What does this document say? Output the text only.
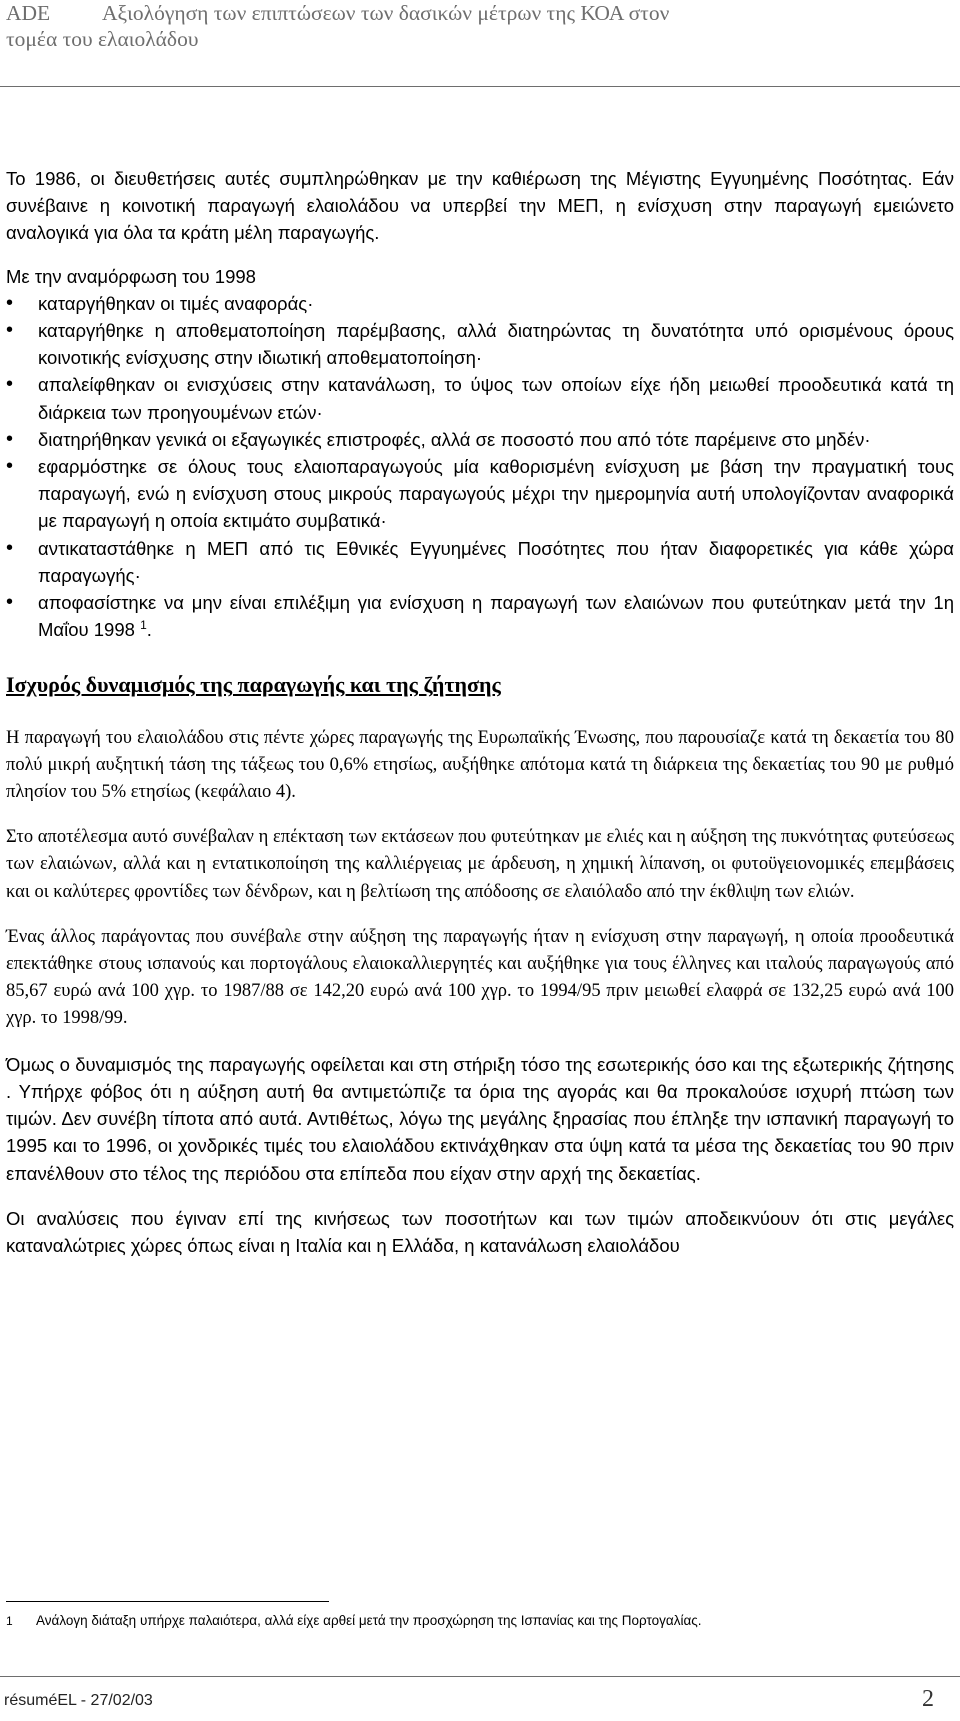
ADE Αξιολόγηση των επιπτώσεων των δασικών μέτρων της ΚΟΑ στον
τομέα του ελαιολάδου

Το 1986, οι διευθετήσεις αυτές συμπληρώθηκαν με την καθιέρωση της Μέγιστης Εγγυημένης Ποσότητας. Εάν συνέβαινε η κοινοτική παραγωγή ελαιολάδου να υπερβεί την ΜΕΠ, η ενίσχυση στην παραγωγή εμειώνετο αναλογικά για όλα τα κράτη μέλη παραγωγής.

Με την αναμόρφωση του 1998

• καταργήθηκαν οι τιμές αναφοράς·
• καταργήθηκε η αποθεματοποίηση παρέμβασης, αλλά διατηρώντας τη δυνατότητα υπό ορισμένους όρους κοινοτικής ενίσχυσης στην ιδιωτική αποθεματοποίηση·
• απαλείφθηκαν οι ενισχύσεις στην κατανάλωση, το ύψος των οποίων είχε ήδη μειωθεί προοδευτικά κατά τη διάρκεια των προηγουμένων ετών·
• διατηρήθηκαν γενικά οι εξαγωγικές επιστροφές, αλλά σε ποσοστό που από τότε παρέμεινε στο μηδέν·
• εφαρμόστηκε σε όλους τους ελαιοπαραγωγούς μία καθορισμένη ενίσχυση με βάση την πραγματική τους παραγωγή, ενώ η ενίσχυση στους μικρούς παραγωγούς μέχρι την ημερομηνία αυτή υπολογίζονταν αναφορικά με παραγωγή η οποία εκτιμάτο συμβατικά·
• αντικαταστάθηκε η ΜΕΠ από τις Εθνικές Εγγυημένες Ποσότητες που ήταν διαφορετικές για κάθε χώρα παραγωγής·
• αποφασίστηκε να μην είναι επιλέξιμη για ενίσχυση η παραγωγή των ελαιώνων που φυτεύτηκαν μετά την 1η Μαΐου 1998 $^1$.

Ισχυρός δυναμισμός της παραγωγής και της ζήτησης

Η παραγωγή του ελαιολάδου στις πέντε χώρες παραγωγής της Ευρωπαϊκής Ένωσης, που παρουσίαζε κατά τη δεκαετία του 80 πολύ μικρή αυξητική τάση της τάξεως του 0,6% ετησίως, αυξήθηκε απότομα κατά τη διάρκεια της δεκαετίας του 90 με ρυθμό πλησίον του 5% ετησίως (κεφάλαιο 4).

Στο αποτέλεσμα αυτό συνέβαλαν η επέκταση των εκτάσεων που φυτεύτηκαν με ελιές και η αύξηση της πυκνότητας φυτεύσεως των ελαιώνων, αλλά και η εντατικοποίηση της καλλιέργειας με άρδευση, η χημική λίπανση, οι φυτοϋγειονομικές επεμβάσεις και οι καλύτερες φροντίδες των δένδρων, και η βελτίωση της απόδοσης σε ελαιόλαδο από την έκθλιψη των ελιών.

Ένας άλλος παράγοντας που συνέβαλε στην αύξηση της παραγωγής ήταν η ενίσχυση στην παραγωγή, η οποία προοδευτικά επεκτάθηκε στους ισπανούς και πορτογάλους ελαιοκαλλιεργητές και αυξήθηκε για τους έλληνες και ιταλούς παραγωγούς από 85,67 ευρώ ανά 100 χγρ. το 1987/88 σε 142,20 ευρώ ανά 100 χγρ. το 1994/95 πριν μειωθεί ελαφρά σε 132,25 ευρώ ανά 100 χγρ. το 1998/99.

Όμως ο δυναμισμός της παραγωγής οφείλεται και στη στήριξη τόσο της εσωτερικής όσο και της εξωτερικής ζήτησης . Υπήρχε φόβος ότι η αύξηση αυτή θα αντιμετώπιζε τα όρια της αγοράς και θα προκαλούσε ισχυρή πτώση των τιμών. Δεν συνέβη τίποτα από αυτά. Αντιθέτως, λόγω της μεγάλης ξηρασίας που έπληξε την ισπανική παραγωγή το 1995 και το 1996, οι χονδρικές τιμές του ελαιολάδου εκτινάχθηκαν στα ύψη κατά τα μέσα της δεκαετίας του 90 πριν επανέλθουν στο τέλος της περιόδου στα επίπεδα που είχαν στην αρχή της δεκαετίας.

Οι αναλύσεις που έγιναν επί της κινήσεως των ποσοτήτων και των τιμών αποδεικνύουν ότι στις μεγάλες καταναλώτριες χώρες όπως είναι η Ιταλία και η Ελλάδα, η κατανάλωση ελαιολάδου

1 Ανάλογη διάταξη υπήρχε παλαιότερα, αλλά είχε αρθεί μετά την προσχώρηση της Ισπανίας και της Πορτογαλίας.
résuméEL - 27/02/03	2
